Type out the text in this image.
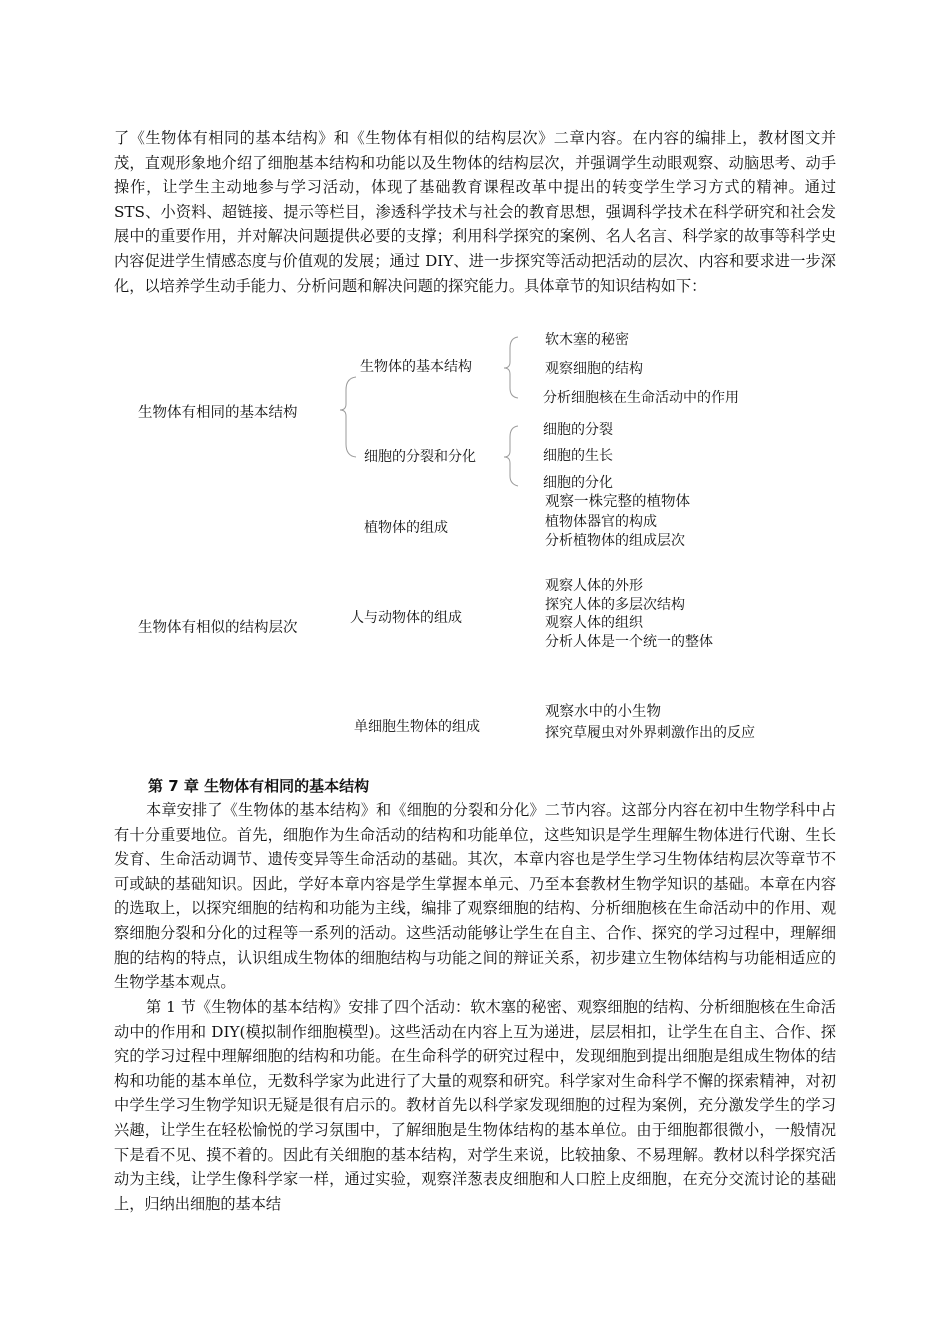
了《生物体有相同的基本结构》和《生物体有相似的结构层次》二章内容。在内容的编排上，教材图文并茂，直观形象地介绍了细胞基本结构和功能以及生物体的结构层次，并强调学生动眼观察、动脑思考、动手操作，让学生主动地参与学习活动，体现了基础教育课程改革中提出的转变学生学习方式的精神。通过 STS、小资料、超链接、提示等栏目，渗透科学技术与社会的教育思想，强调科学技术在科学研究和社会发展中的重要作用，并对解决问题提供必要的支撑；利用科学探究的案例、名人名言、科学家的故事等科学史内容促进学生情感态度与价值观的发展；通过 DIY、进一步探究等活动把活动的层次、内容和要求进一步深化，以培养学生动手能力、分析问题和解决问题的探究能力。具体章节的知识结构如下：

生物体有相同的基本结构
生物体的基本结构
软木塞的秘密
观察细胞的结构
分析细胞核在生命活动中的作用
细胞的分裂和分化
细胞的分裂
细胞的生长
细胞的分化
生物体有相似的结构层次
植物体的组成
观察一株完整的植物体
植物体器官的构成
分析植物体的组成层次
人与动物体的组成
观察人体的外形
探究人体的多层次结构
观察人体的组织
分析人体是一个统一的整体
单细胞生物体的组成
观察水中的小生物
探究草履虫对外界刺激作出的反应
第 7 章 生物体有相同的基本结构

本章安排了《生物体的基本结构》和《细胞的分裂和分化》二节内容。这部分内容在初中生物学科中占有十分重要地位。首先，细胞作为生命活动的结构和功能单位，这些知识是学生理解生物体进行代谢、生长发育、生命活动调节、遗传变异等生命活动的基础。其次，本章内容也是学生学习生物体结构层次等章节不可或缺的基础知识。因此，学好本章内容是学生掌握本单元、乃至本套教材生物学知识的基础。本章在内容的选取上，以探究细胞的结构和功能为主线，编排了观察细胞的结构、分析细胞核在生命活动中的作用、观察细胞分裂和分化的过程等一系列的活动。这些活动能够让学生在自主、合作、探究的学习过程中，理解细胞的结构的特点，认识组成生物体的细胞结构与功能之间的辩证关系，初步建立生物体结构与功能相适应的生物学基本观点。

第 1 节《生物体的基本结构》安排了四个活动：软木塞的秘密、观察细胞的结构、分析细胞核在生命活动中的作用和 DIY(模拟制作细胞模型)。这些活动在内容上互为递进，层层相扣，让学生在自主、合作、探究的学习过程中理解细胞的结构和功能。在生命科学的研究过程中，发现细胞到提出细胞是组成生物体的结构和功能的基本单位，无数科学家为此进行了大量的观察和研究。科学家对生命科学不懈的探索精神，对初中学生学习生物学知识无疑是很有启示的。教材首先以科学家发现细胞的过程为案例，充分激发学生的学习兴趣，让学生在轻松愉悦的学习氛围中，了解细胞是生物体结构的基本单位。由于细胞都很微小，一般情况下是看不见、摸不着的。因此有关细胞的基本结构，对学生来说，比较抽象、不易理解。教材以科学探究活动为主线，让学生像科学家一样，通过实验，观察洋葱表皮细胞和人口腔上皮细胞，在充分交流讨论的基础上，归纳出细胞的基本结
